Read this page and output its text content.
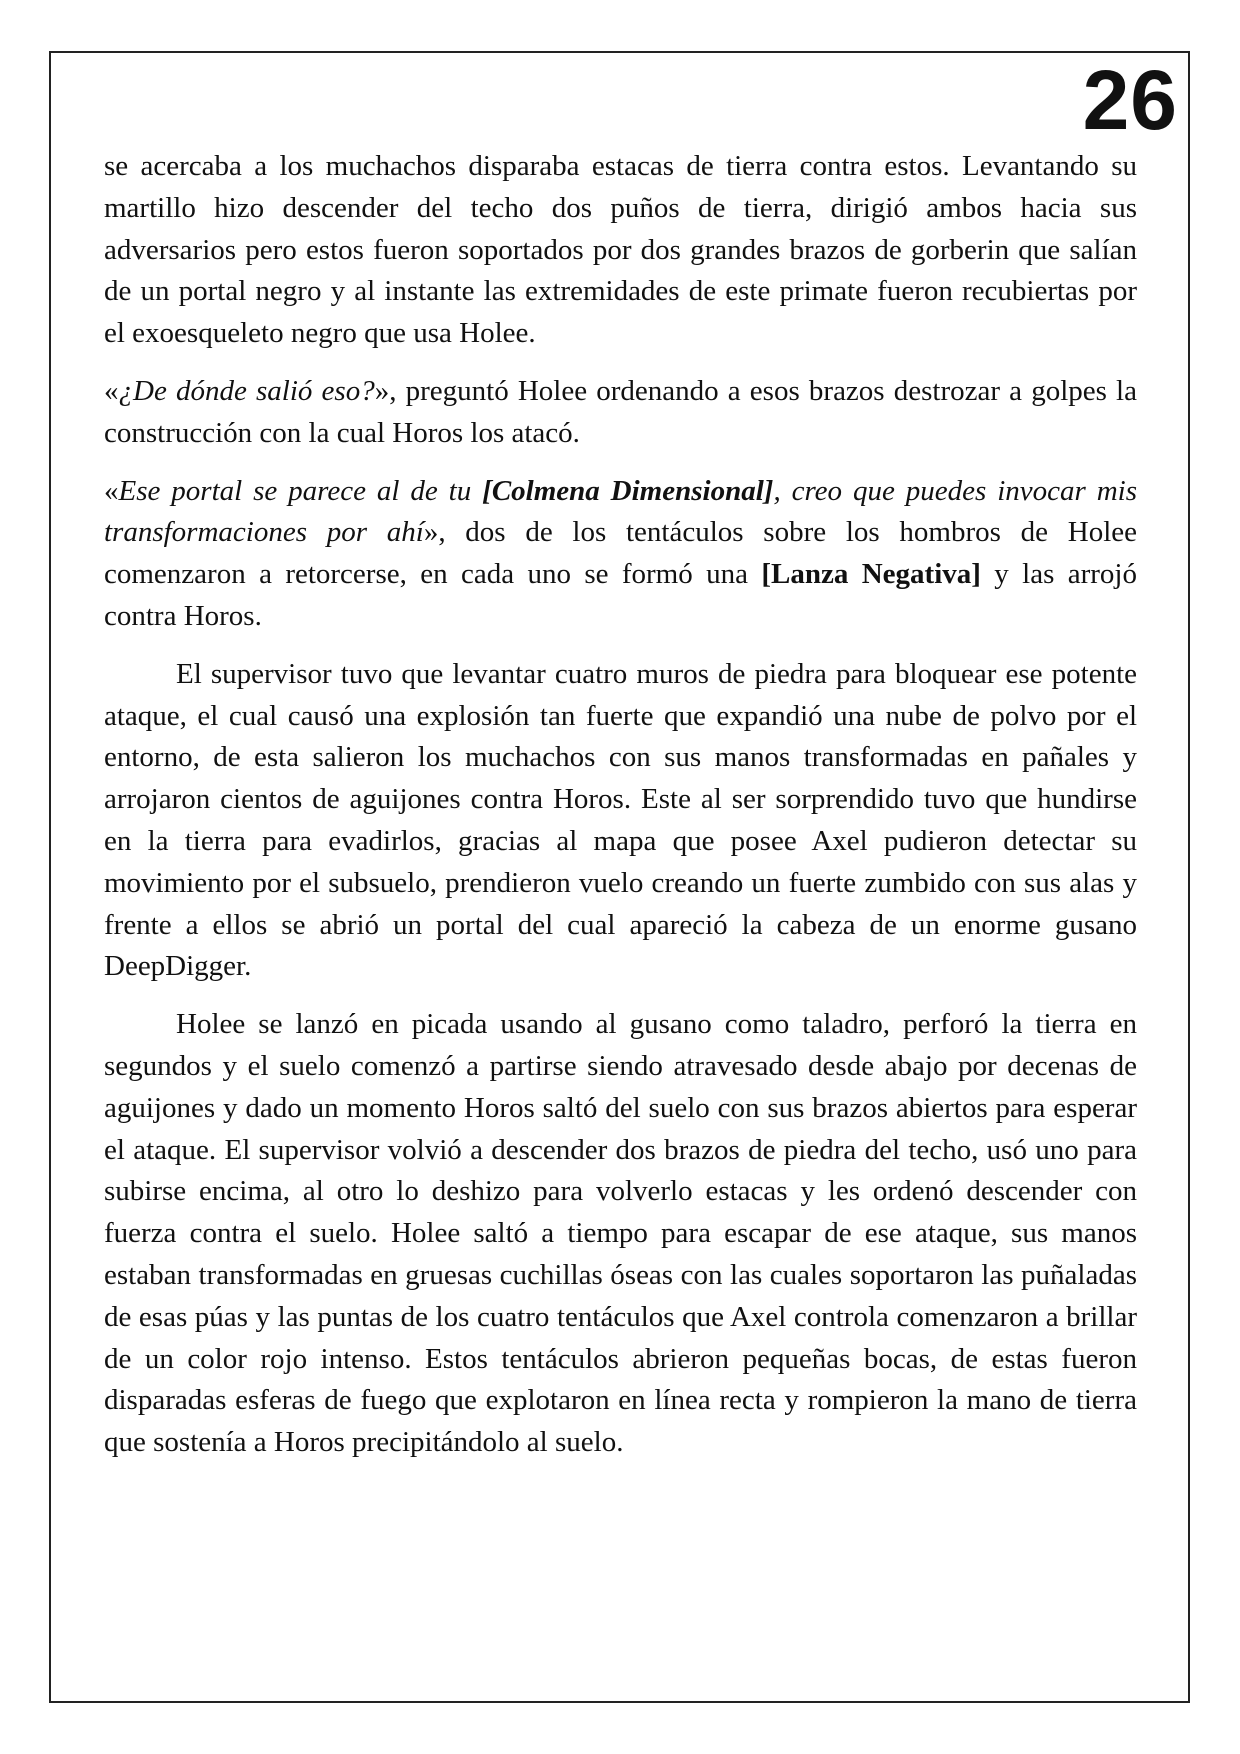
26

se acercaba a los muchachos disparaba estacas de tierra contra estos. Levantando su martillo hizo descender del techo dos puños de tierra, dirigió ambos hacia sus adversarios pero estos fueron soportados por dos grandes brazos de gorberin que salían de un portal negro y al instante las extremidades de este primate fueron recubiertas por el exoesqueleto negro que usa Holee.

«¿De dónde salió eso?», preguntó Holee ordenando a esos brazos destrozar a golpes la construcción con la cual Horos los atacó.

«Ese portal se parece al de tu [Colmena Dimensional], creo que puedes invocar mis transformaciones por ahí», dos de los tentáculos sobre los hombros de Holee comenzaron a retorcerse, en cada uno se formó una [Lanza Negativa] y las arrojó contra Horos.

El supervisor tuvo que levantar cuatro muros de piedra para bloquear ese potente ataque, el cual causó una explosión tan fuerte que expandió una nube de polvo por el entorno, de esta salieron los muchachos con sus manos transformadas en pañales y arrojaron cientos de aguijones contra Horos. Este al ser sorprendido tuvo que hundirse en la tierra para evadirlos, gracias al mapa que posee Axel pudieron detectar su movimiento por el subsuelo, prendieron vuelo creando un fuerte zumbido con sus alas y frente a ellos se abrió un portal del cual apareció la cabeza de un enorme gusano DeepDigger.

Holee se lanzó en picada usando al gusano como taladro, perforó la tierra en segundos y el suelo comenzó a partirse siendo atravesado desde abajo por decenas de aguijones y dado un momento Horos saltó del suelo con sus brazos abiertos para esperar el ataque. El supervisor volvió a descender dos brazos de piedra del techo, usó uno para subirse encima, al otro lo deshizo para volverlo estacas y les ordenó descender con fuerza contra el suelo. Holee saltó a tiempo para escapar de ese ataque, sus manos estaban transformadas en gruesas cuchillas óseas con las cuales soportaron las puñaladas de esas púas y las puntas de los cuatro tentáculos que Axel controla comenzaron a brillar de un color rojo intenso. Estos tentáculos abrieron pequeñas bocas, de estas fueron disparadas esferas de fuego que explotaron en línea recta y rompieron la mano de tierra que sostenía a Horos precipitándolo al suelo.
